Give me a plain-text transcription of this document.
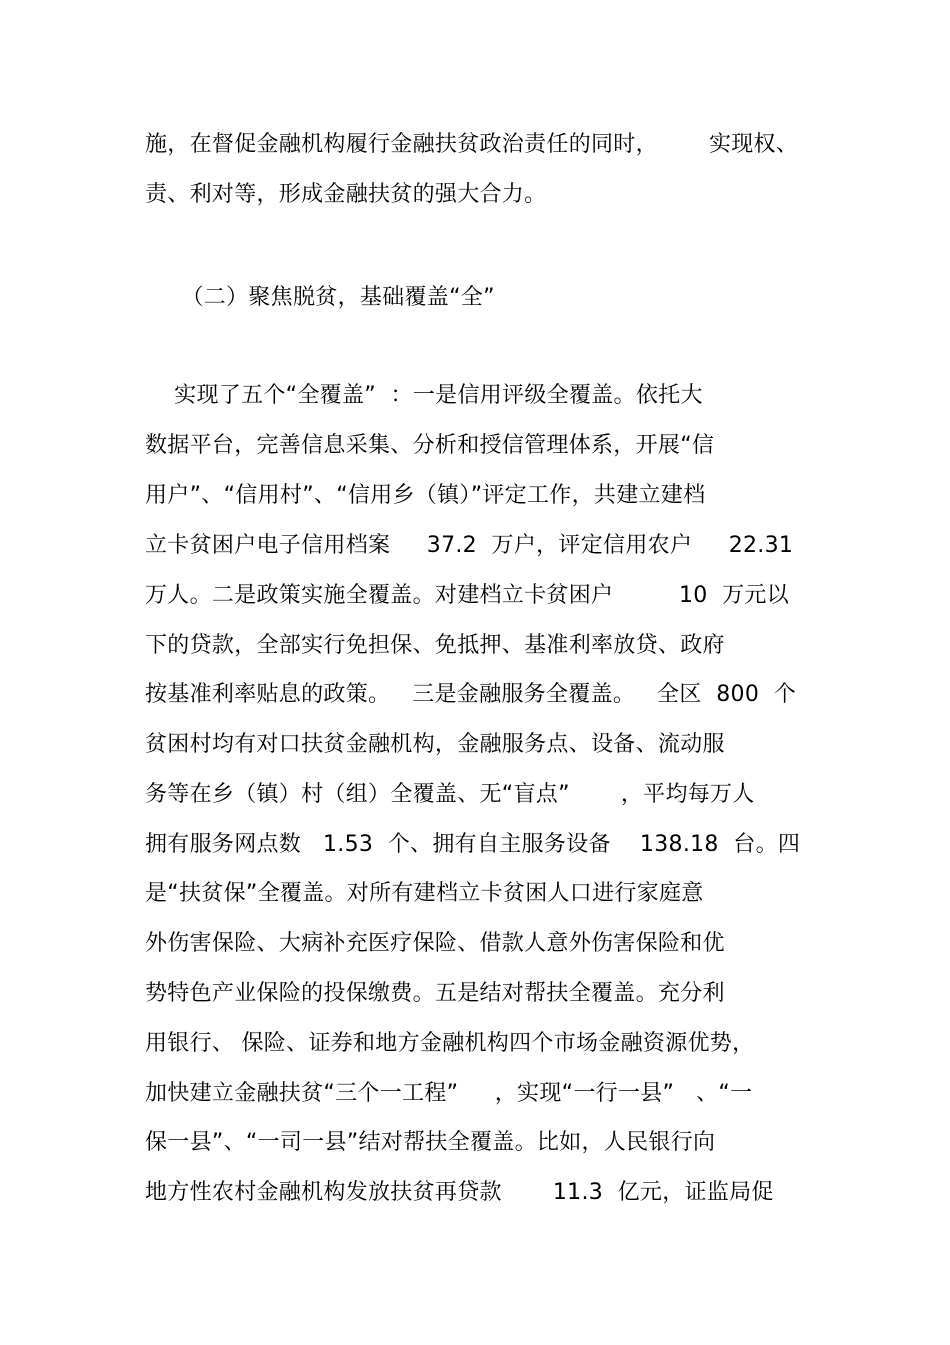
施，在督促金融机构履行金融扶贫政治责任的同时，       实现权、
责、利对等，形成金融扶贫的强大合力。
（二）聚焦脱贫，基础覆盖“全”
实现了五个“全覆盖”  ：一是信用评级全覆盖。依托大
数据平台，完善信息采集、分析和授信管理体系，开展“信
用户”、“信用村”、“信用乡（镇）”评定工作，共建立建档
立卡贫困户电子信用档案     37.2  万户，评定信用农户     22.31
万人。二是政策实施全覆盖。对建档立卡贫困户         10  万元以
下的贷款，全部实行免担保、免抵押、基准利率放贷、政府
按基准利率贴息的政策。   三是金融服务全覆盖。   全区  800  个
贫困村均有对口扶贫金融机构，金融服务点、设备、流动服
务等在乡（镇）村（组）全覆盖、无“盲点”       ，平均每万人
拥有服务网点数   1.53  个、拥有自主服务设备    138.18  台。四
是“扶贫保”全覆盖。对所有建档立卡贫困人口进行家庭意
外伤害保险、大病补充医疗保险、借款人意外伤害保险和优
势特色产业保险的投保缴费。五是结对帮扶全覆盖。充分利
用银行、 保险、证券和地方金融机构四个市场金融资源优势，
加快建立金融扶贫“三个一工程”     ，实现“一行一县”   、“一
保一县”、“一司一县”结对帮扶全覆盖。比如，人民银行向
地方性农村金融机构发放扶贫再贷款       11.3  亿元，证监局促
